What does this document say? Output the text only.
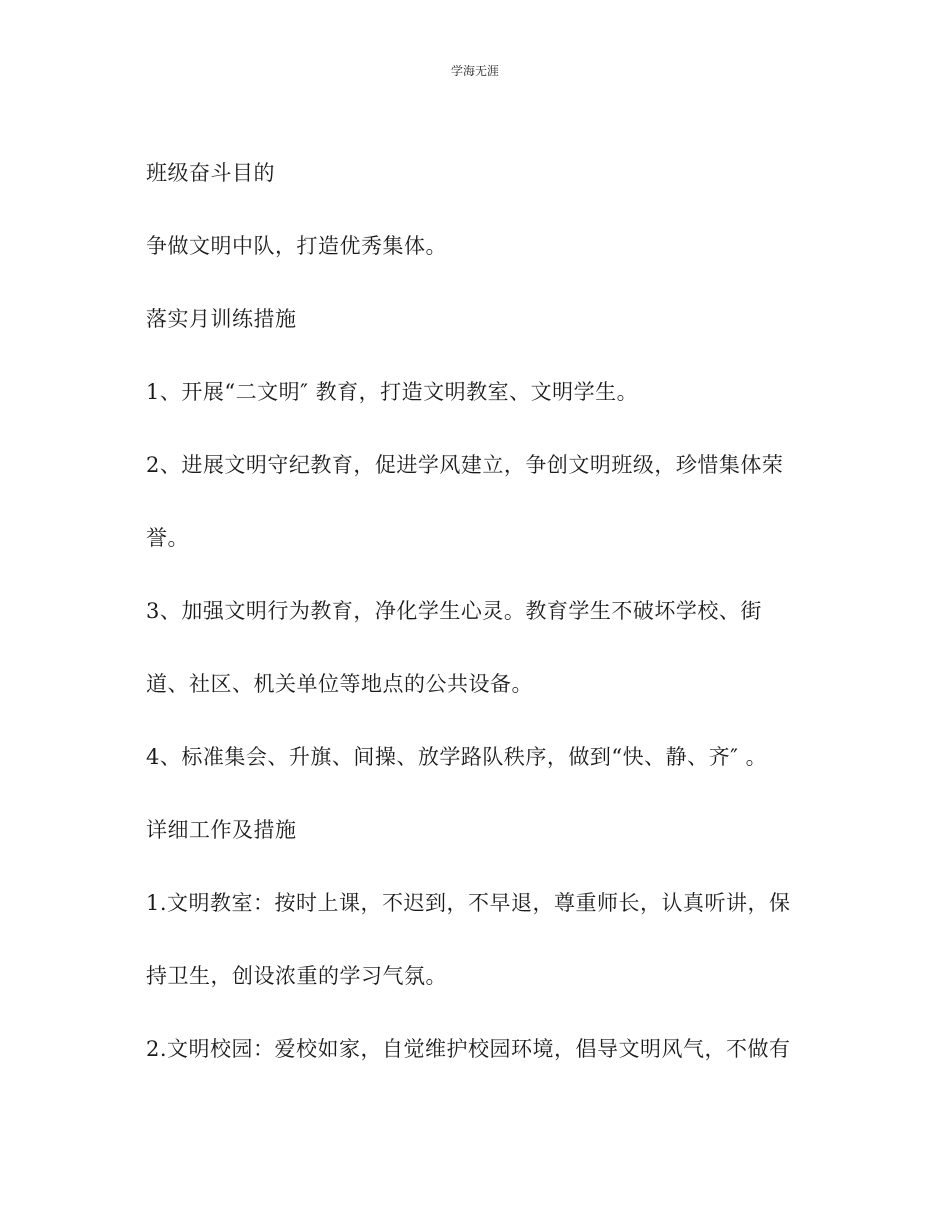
学海无涯
班级奋斗目的
争做文明中队，打造优秀集体。
落实月训练措施
1、开展“二文明″ 教育，打造文明教室、文明学生。
2、进展文明守纪教育，促进学风建立，争创文明班级，珍惜集体荣
誉。
3、加强文明行为教育，净化学生心灵。教育学生不破坏学校、街
道、社区、机关单位等地点的公共设备。
4、标准集会、升旗、间操、放学路队秩序，做到“快、静、齐″ 。
详细工作及措施
1.文明教室：按时上课，不迟到，不早退，尊重师长，认真听讲，保
持卫生，创设浓重的学习气氛。
2.文明校园：爱校如家，自觉维护校园环境，倡导文明风气，不做有
